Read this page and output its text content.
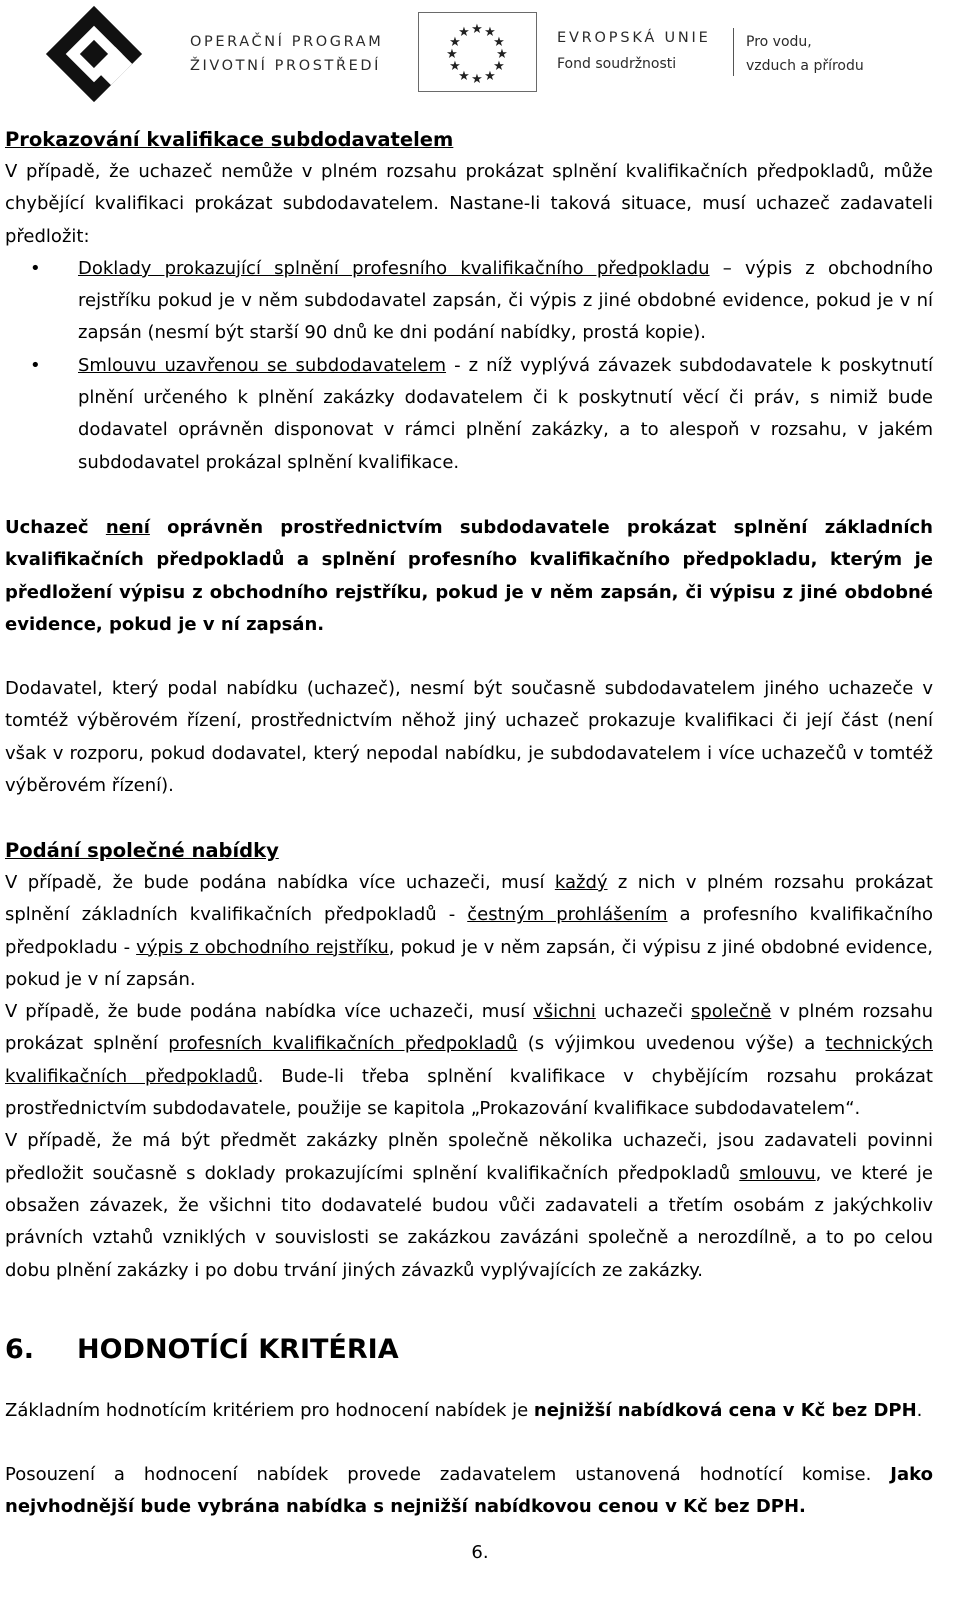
OPERAČNÍ PROGRAM
ŽIVOTNÍ PROSTŘEDÍ
★ ★
★
★
★
★
★
★
★
★
★
★	EVROPSKÁ UNIE
Fond soudržnosti
Pro vodu,
vzduch a přírodu
Prokazování kvalifikace subdodavatelem

V případě, že uchazeč nemůže v plném rozsahu prokázat splnění kvalifikačních předpokladů, může chybějící kvalifikaci prokázat subdodavatelem. Nastane-li taková situace, musí uchazeč zadavateli předložit:

• Doklady prokazující splnění profesního kvalifikačního předpokladu – výpis z obchodního rejstříku pokud je v něm subdodavatel zapsán, či výpis z jiné obdobné evidence, pokud je v ní zapsán (nesmí být starší 90 dnů ke dni podání nabídky, prostá kopie).
• Smlouvu uzavřenou se subdodavatelem - z níž vyplývá závazek subdodavatele k poskytnutí plnění určeného k plnění zakázky dodavatelem či k poskytnutí věcí či práv, s nimiž bude dodavatel oprávněn disponovat v rámci plnění zakázky, a to alespoň v rozsahu, v jakém subdodavatel prokázal splnění kvalifikace.

Uchazeč není oprávněn prostřednictvím subdodavatele prokázat splnění základních kvalifikačních předpokladů a splnění profesního kvalifikačního předpokladu, kterým je předložení výpisu z obchodního rejstříku, pokud je v něm zapsán, či výpisu z jiné obdobné evidence, pokud je v ní zapsán.

Dodavatel, který podal nabídku (uchazeč), nesmí být současně subdodavatelem jiného uchazeče v tomtéž výběrovém řízení, prostřednictvím něhož jiný uchazeč prokazuje kvalifikaci či její část (není však v rozporu, pokud dodavatel, který nepodal nabídku, je subdodavatelem i více uchazečů v tomtéž výběrovém řízení).

Podání společné nabídky

V případě, že bude podána nabídka více uchazeči, musí každý z nich v plném rozsahu prokázat splnění základních kvalifikačních předpokladů - čestným prohlášením a profesního kvalifikačního předpokladu - výpis z obchodního rejstříku, pokud je v něm zapsán, či výpisu z jiné obdobné evidence, pokud je v ní zapsán.

V případě, že bude podána nabídka více uchazeči, musí všichni uchazeči společně v plném rozsahu prokázat splnění profesních kvalifikačních předpokladů (s výjimkou uvedenou výše) a technických kvalifikačních předpokladů. Bude-li třeba splnění kvalifikace v chybějícím rozsahu prokázat prostřednictvím subdodavatele, použije se kapitola „Prokazování kvalifikace subdodavatelem“.

V případě, že má být předmět zakázky plněn společně několika uchazeči, jsou zadavateli povinni předložit současně s doklady prokazujícími splnění kvalifikačních předpokladů smlouvu, ve které je obsažen závazek, že všichni tito dodavatelé budou vůči zadavateli a třetím osobám z jakýchkoliv právních vztahů vzniklých v souvislosti se zakázkou zavázáni společně a nerozdílně, a to po celou dobu plnění zakázky i po dobu trvání jiných závazků vyplývajících ze zakázky.

6. HODNOTÍCÍ KRITÉRIA

Základním hodnotícím kritériem pro hodnocení nabídek je nejnižší nabídková cena v Kč bez DPH.

Posouzení a hodnocení nabídek provede zadavatelem ustanovená hodnotící komise. Jako nejvhodnější bude vybrána nabídka s nejnižší nabídkovou cenou v Kč bez DPH.

6.
